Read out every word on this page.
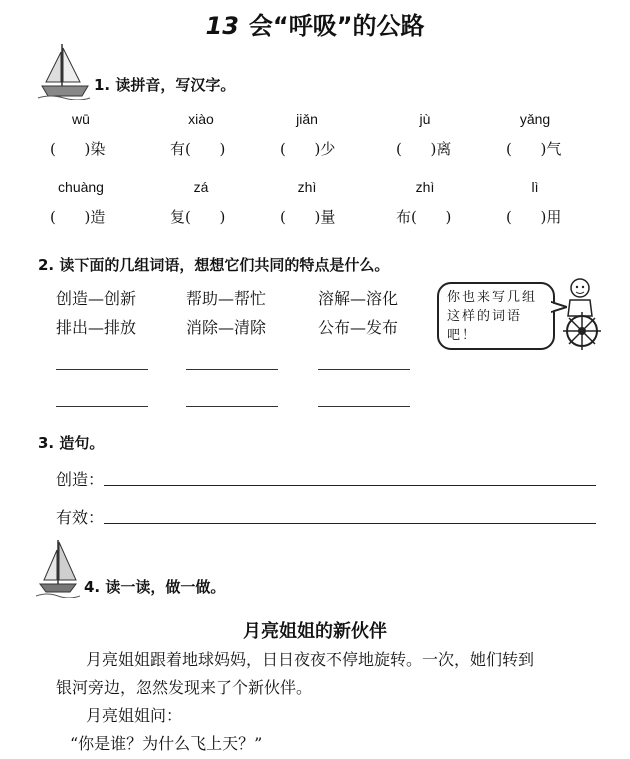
13 会“呼吸”的公路
1. 读拼音，写汉字。
wū	xiào	jiǎn	jù	yǎng
(      )染	有(      )	(      )少	(      )离	(      )气
chuàng	zá	zhì	zhì	lì
(      )造	复(      )	(      )量	布(      )	(      )用
2. 读下面的几组词语，想想它们共同的特点是什么。
创造—创新	帮助—帮忙	溶解—溶化
排出—排放	消除—清除	公布—发布
你也来写几组这样的词语吧！
3. 造句。
创造：
有效：
4. 读一读，做一做。
月亮姐姐的新伙伴
月亮姐姐跟着地球妈妈，日日夜夜不停地旋转。一次，她们转到
银河旁边，忽然发现来了个新伙伴。
月亮姐姐问：
“你是谁？为什么飞上天？”
